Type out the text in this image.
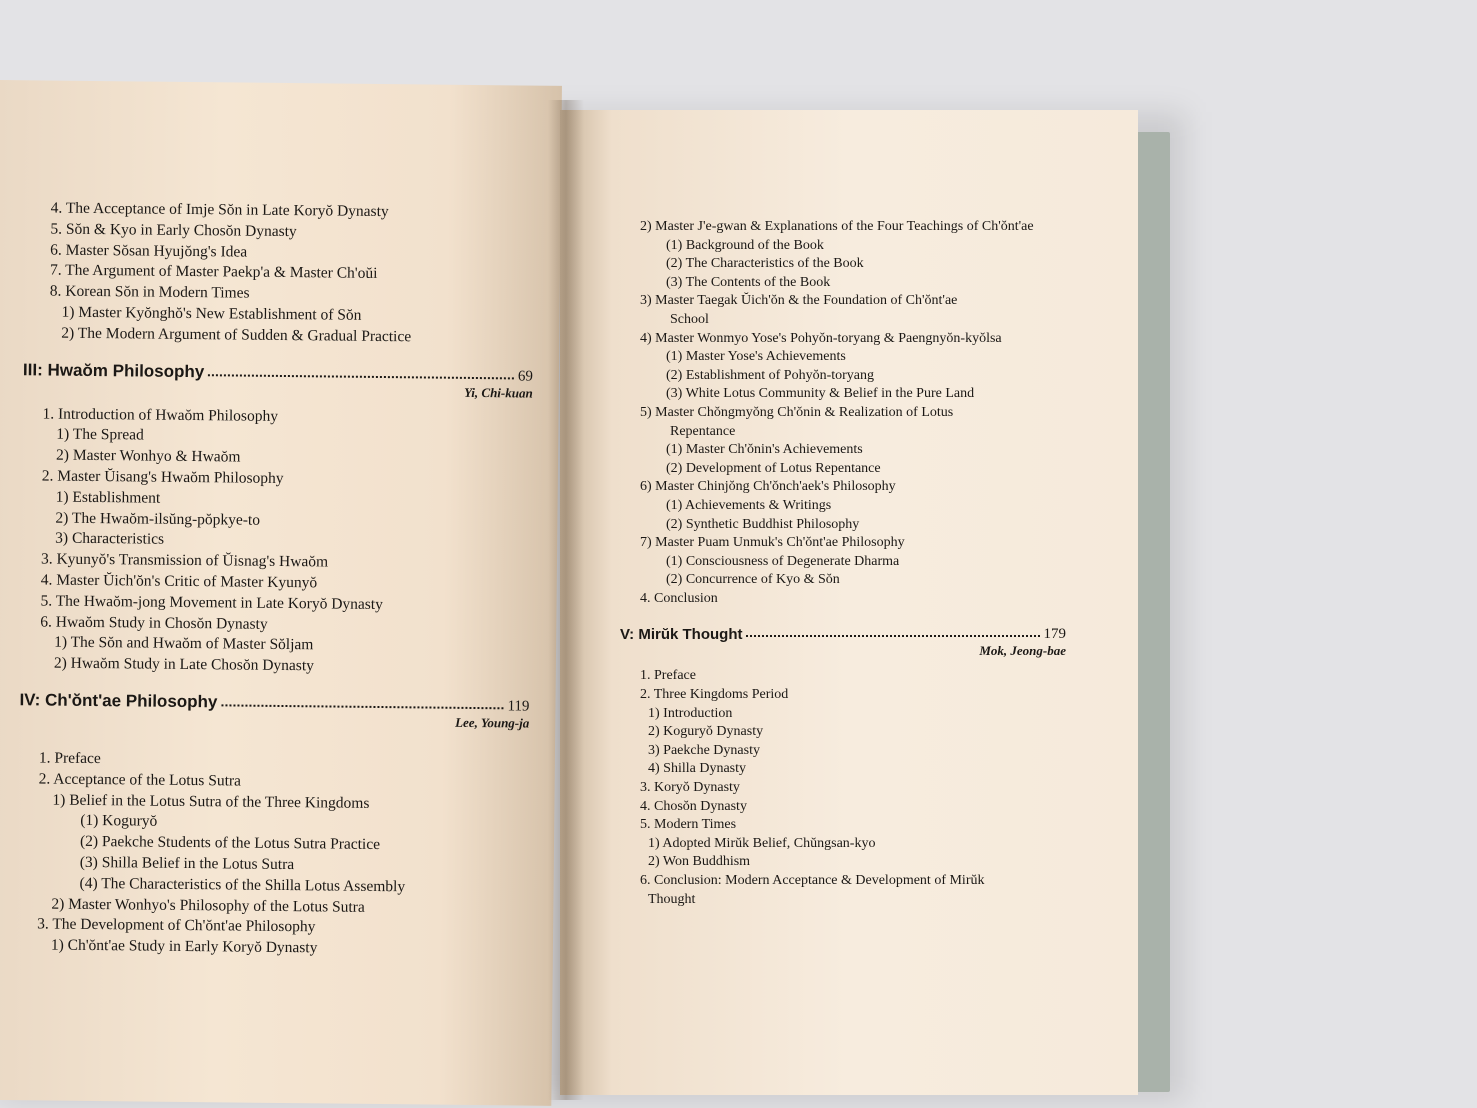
4. The Acceptance of Imje Sŏn in Late Koryŏ Dynasty
5. Sŏn & Kyo in Early Chosŏn Dynasty
6. Master Sŏsan Hyujŏng's Idea
7. The Argument of Master Paekp'a & Master Ch'oŭi
8. Korean Sŏn in Modern Times
1) Master Kyŏnghŏ's New Establishment of Sŏn
2) The Modern Argument of Sudden & Gradual Practice
III: Hwaŏm Philosophy	69
Yi, Chi-kuan
1. Introduction of Hwaŏm Philosophy
1) The Spread
2) Master Wonhyo & Hwaŏm
2. Master Ŭisang's Hwaŏm Philosophy
1) Establishment
2) The Hwaŏm-ilsŭng-pŏpkye-to
3) Characteristics
3. Kyunyŏ's Transmission of Ŭisnag's Hwaŏm
4. Master Ŭich'ŏn's Critic of Master Kyunyŏ
5. The Hwaŏm-jong Movement in Late Koryŏ Dynasty
6. Hwaŏm Study in Chosŏn Dynasty
1) The Sŏn and Hwaŏm of Master Sŏljam
2) Hwaŏm Study in Late Chosŏn Dynasty
IV: Ch'ŏnt'ae Philosophy	119
Lee, Young-ja
1. Preface
2. Acceptance of the Lotus Sutra
1) Belief in the Lotus Sutra of the Three Kingdoms
(1) Koguryŏ
(2) Paekche Students of the Lotus Sutra Practice
(3) Shilla Belief in the Lotus Sutra
(4) The Characteristics of the Shilla Lotus Assembly
2) Master Wonhyo's Philosophy of the Lotus Sutra
3. The Development of Ch'ŏnt'ae Philosophy
1) Ch'ŏnt'ae Study in Early Koryŏ Dynasty
2) Master J'e-gwan & Explanations of the Four Teachings of Ch'ŏnt'ae
(1) Background of the Book
(2) The Characteristics of the Book
(3) The Contents of the Book
3) Master Taegak Ŭich'ŏn & the Foundation of Ch'ŏnt'ae
School
4) Master Wonmyo Yose's Pohyŏn-toryang & Paengnyŏn-kyŏlsa
(1) Master Yose's Achievements
(2) Establishment of Pohyŏn-toryang
(3) White Lotus Community & Belief in the Pure Land
5) Master Chŏngmyŏng Ch'ŏnin & Realization of Lotus
Repentance
(1) Master Ch'ŏnin's Achievements
(2) Development of Lotus Repentance
6) Master Chinjŏng Ch'ŏnch'aek's Philosophy
(1) Achievements & Writings
(2) Synthetic Buddhist Philosophy
7) Master Puam Unmuk's Ch'ŏnt'ae Philosophy
(1) Consciousness of Degenerate Dharma
(2) Concurrence of Kyo & Sŏn
4. Conclusion
V: Mirŭk Thought	179
Mok, Jeong-bae
1. Preface
2. Three Kingdoms Period
1) Introduction
2) Koguryŏ Dynasty
3) Paekche Dynasty
4) Shilla Dynasty
3. Koryŏ Dynasty
4. Chosŏn Dynasty
5. Modern Times
1) Adopted Mirŭk Belief, Chŭngsan-kyo
2) Won Buddhism
6. Conclusion: Modern Acceptance & Development of Mirŭk
Thought
